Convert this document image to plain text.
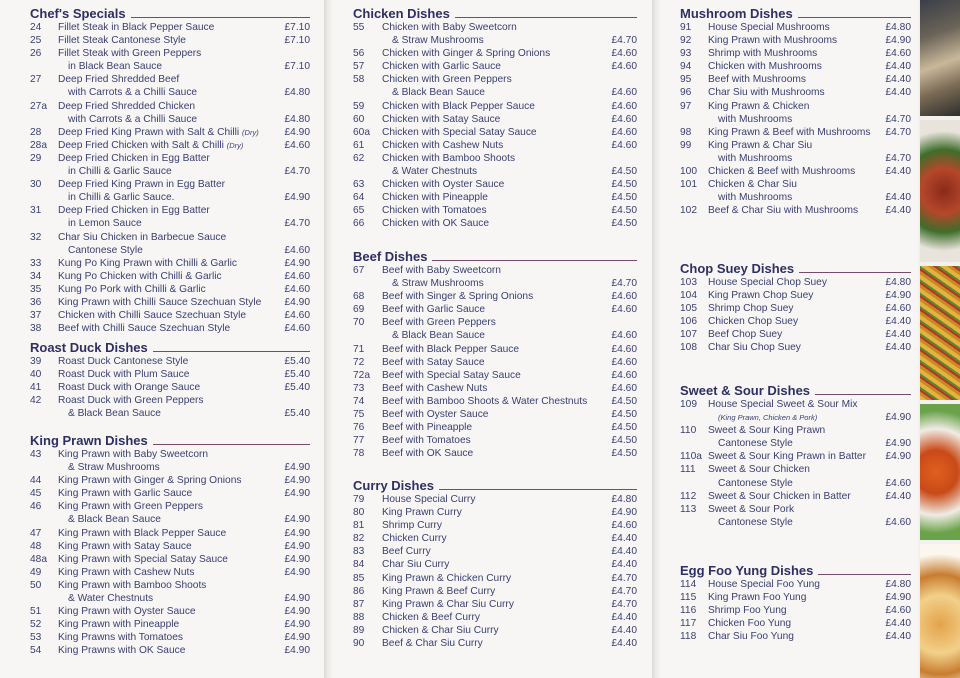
Chef's Specials
24	Fillet Steak in Black Pepper Sauce	£7.10
25	Fillet Steak Cantonese Style	£7.10
26	Fillet Steak with Green Peppers
in Black Bean Sauce	£7.10
27	Deep Fried Shredded Beef
with Carrots & a Chilli Sauce	£4.80
27a	Deep Fried Shredded Chicken
with Carrots & a Chilli Sauce	£4.80
28	Deep Fried King Prawn with Salt & Chilli (Dry)	£4.90
28a	Deep Fried Chicken with Salt & Chilli (Dry)	£4.60
29	Deep Fried Chicken in Egg Batter
in Chilli & Garlic Sauce	£4.70
30	Deep Fried King Prawn in Egg Batter
in Chilli & Garlic Sauce.	£4.90
31	Deep Fried Chicken in Egg Batter
in Lemon Sauce	£4.70
32	Char Siu Chicken in Barbecue Sauce
Cantonese Style	£4.60
33	Kung Po King Prawn with Chilli & Garlic	£4.90
34	Kung Po Chicken with Chilli & Garlic	£4.60
35	Kung Po Pork with Chilli & Garlic	£4.60
36	King Prawn with Chilli Sauce Szechuan Style	£4.90
37	Chicken with Chilli Sauce Szechuan Style	£4.60
38	Beef with Chilli Sauce Szechuan Style	£4.60
Roast Duck Dishes
39	Roast Duck Cantonese Style	£5.40
40	Roast Duck with Plum Sauce	£5.40
41	Roast Duck with Orange Sauce	£5.40
42	Roast Duck with Green Peppers
& Black Bean Sauce	£5.40
King Prawn Dishes
43	King Prawn with Baby Sweetcorn
& Straw Mushrooms	£4.90
44	King Prawn with Ginger & Spring Onions	£4.90
45	King Prawn with Garlic Sauce	£4.90
46	King Prawn with Green Peppers
& Black Bean Sauce	£4.90
47	King Prawn with Black Pepper Sauce	£4.90
48	King Prawn with Satay Sauce	£4.90
48a	King Prawn with Special Satay Sauce	£4.90
49	King Prawn with Cashew Nuts	£4.90
50	King Prawn with Bamboo Shoots
& Water Chestnuts	£4.90
51	King Prawn with Oyster Sauce	£4.90
52	King Prawn with Pineapple	£4.90
53	King Prawns with Tomatoes	£4.90
54	King Prawns with OK Sauce	£4.90
Chicken Dishes
55	Chicken with Baby Sweetcorn
& Straw Mushrooms	£4.70
56	Chicken with Ginger & Spring Onions	£4.60
57	Chicken with Garlic Sauce	£4.60
58	Chicken with Green Peppers
& Black Bean Sauce	£4.60
59	Chicken with Black Pepper Sauce	£4.60
60	Chicken with Satay Sauce	£4.60
60a	Chicken with Special Satay Sauce	£4.60
61	Chicken with Cashew Nuts	£4.60
62	Chicken with Bamboo Shoots
& Water Chestnuts	£4.50
63	Chicken with Oyster Sauce	£4.50
64	Chicken with Pineapple	£4.50
65	Chicken with Tomatoes	£4.50
66	Chicken with OK Sauce	£4.50
Beef Dishes
67	Beef with Baby Sweetcorn
& Straw Mushrooms	£4.70
68	Beef with Singer & Spring Onions	£4.60
69	Beef with Garlic Sauce	£4.60
70	Beef with Green Peppers
& Black Bean Sauce	£4.60
71	Beef with Black Pepper Sauce	£4.60
72	Beef with Satay Sauce	£4.60
72a	Beef with Special Satay Sauce	£4.60
73	Beef with Cashew Nuts	£4.60
74	Beef with Bamboo Shoots & Water Chestnuts	£4.50
75	Beef with Oyster Sauce	£4.50
76	Beef with Pineapple	£4.50
77	Beef with Tomatoes	£4.50
78	Beef with OK Sauce	£4.50
Curry Dishes
79	House Special Curry	£4.80
80	King Prawn Curry	£4.90
81	Shrimp Curry	£4.60
82	Chicken Curry	£4.40
83	Beef Curry	£4.40
84	Char Siu Curry	£4.40
85	King Prawn & Chicken Curry	£4.70
86	King Prawn & Beef Curry	£4.70
87	King Prawn & Char Siu Curry	£4.70
88	Chicken & Beef Curry	£4.40
89	Chicken & Char Siu Curry	£4.40
90	Beef & Char Siu Curry	£4.40
Mushroom Dishes
91	House Special Mushrooms	£4.80
92	King Prawn with Mushrooms	£4.90
93	Shrimp with Mushrooms	£4.60
94	Chicken with Mushrooms	£4.40
95	Beef with Mushrooms	£4.40
96	Char Siu with Mushrooms	£4.40
97	King Prawn & Chicken
with Mushrooms	£4.70
98	King Prawn & Beef with Mushrooms	£4.70
99	King Prawn & Char Siu
with Mushrooms	£4.70
100	Chicken & Beef with Mushrooms	£4.40
101	Chicken & Char Siu
with Mushrooms	£4.40
102	Beef & Char Siu with Mushrooms	£4.40
Chop Suey Dishes
103	House Special Chop Suey	£4.80
104	King Prawn Chop Suey	£4.90
105	Shrimp Chop Suey	£4.60
106	Chicken Chop Suey	£4.40
107	Beef Chop Suey	£4.40
108	Char Siu Chop Suey	£4.40
Sweet & Sour Dishes
109	House Special Sweet & Sour Mix
(King Prawn, Chicken & Pork)	£4.90
110	Sweet & Sour King Prawn
Cantonese Style	£4.90
110a Sweet & Sour King Prawn in Batter	£4.90
111	Sweet & Sour Chicken
Cantonese Style	£4.60
112	Sweet & Sour Chicken in Batter	£4.40
113	Sweet & Sour Pork
Cantonese Style	£4.60
Egg Foo Yung Dishes
114	House Special Foo Yung	£4.80
115	King Prawn Foo Yung	£4.90
116	Shrimp Foo Yung	£4.60
117	Chicken Foo Yung	£4.40
118	Char Siu Foo Yung	£4.40
